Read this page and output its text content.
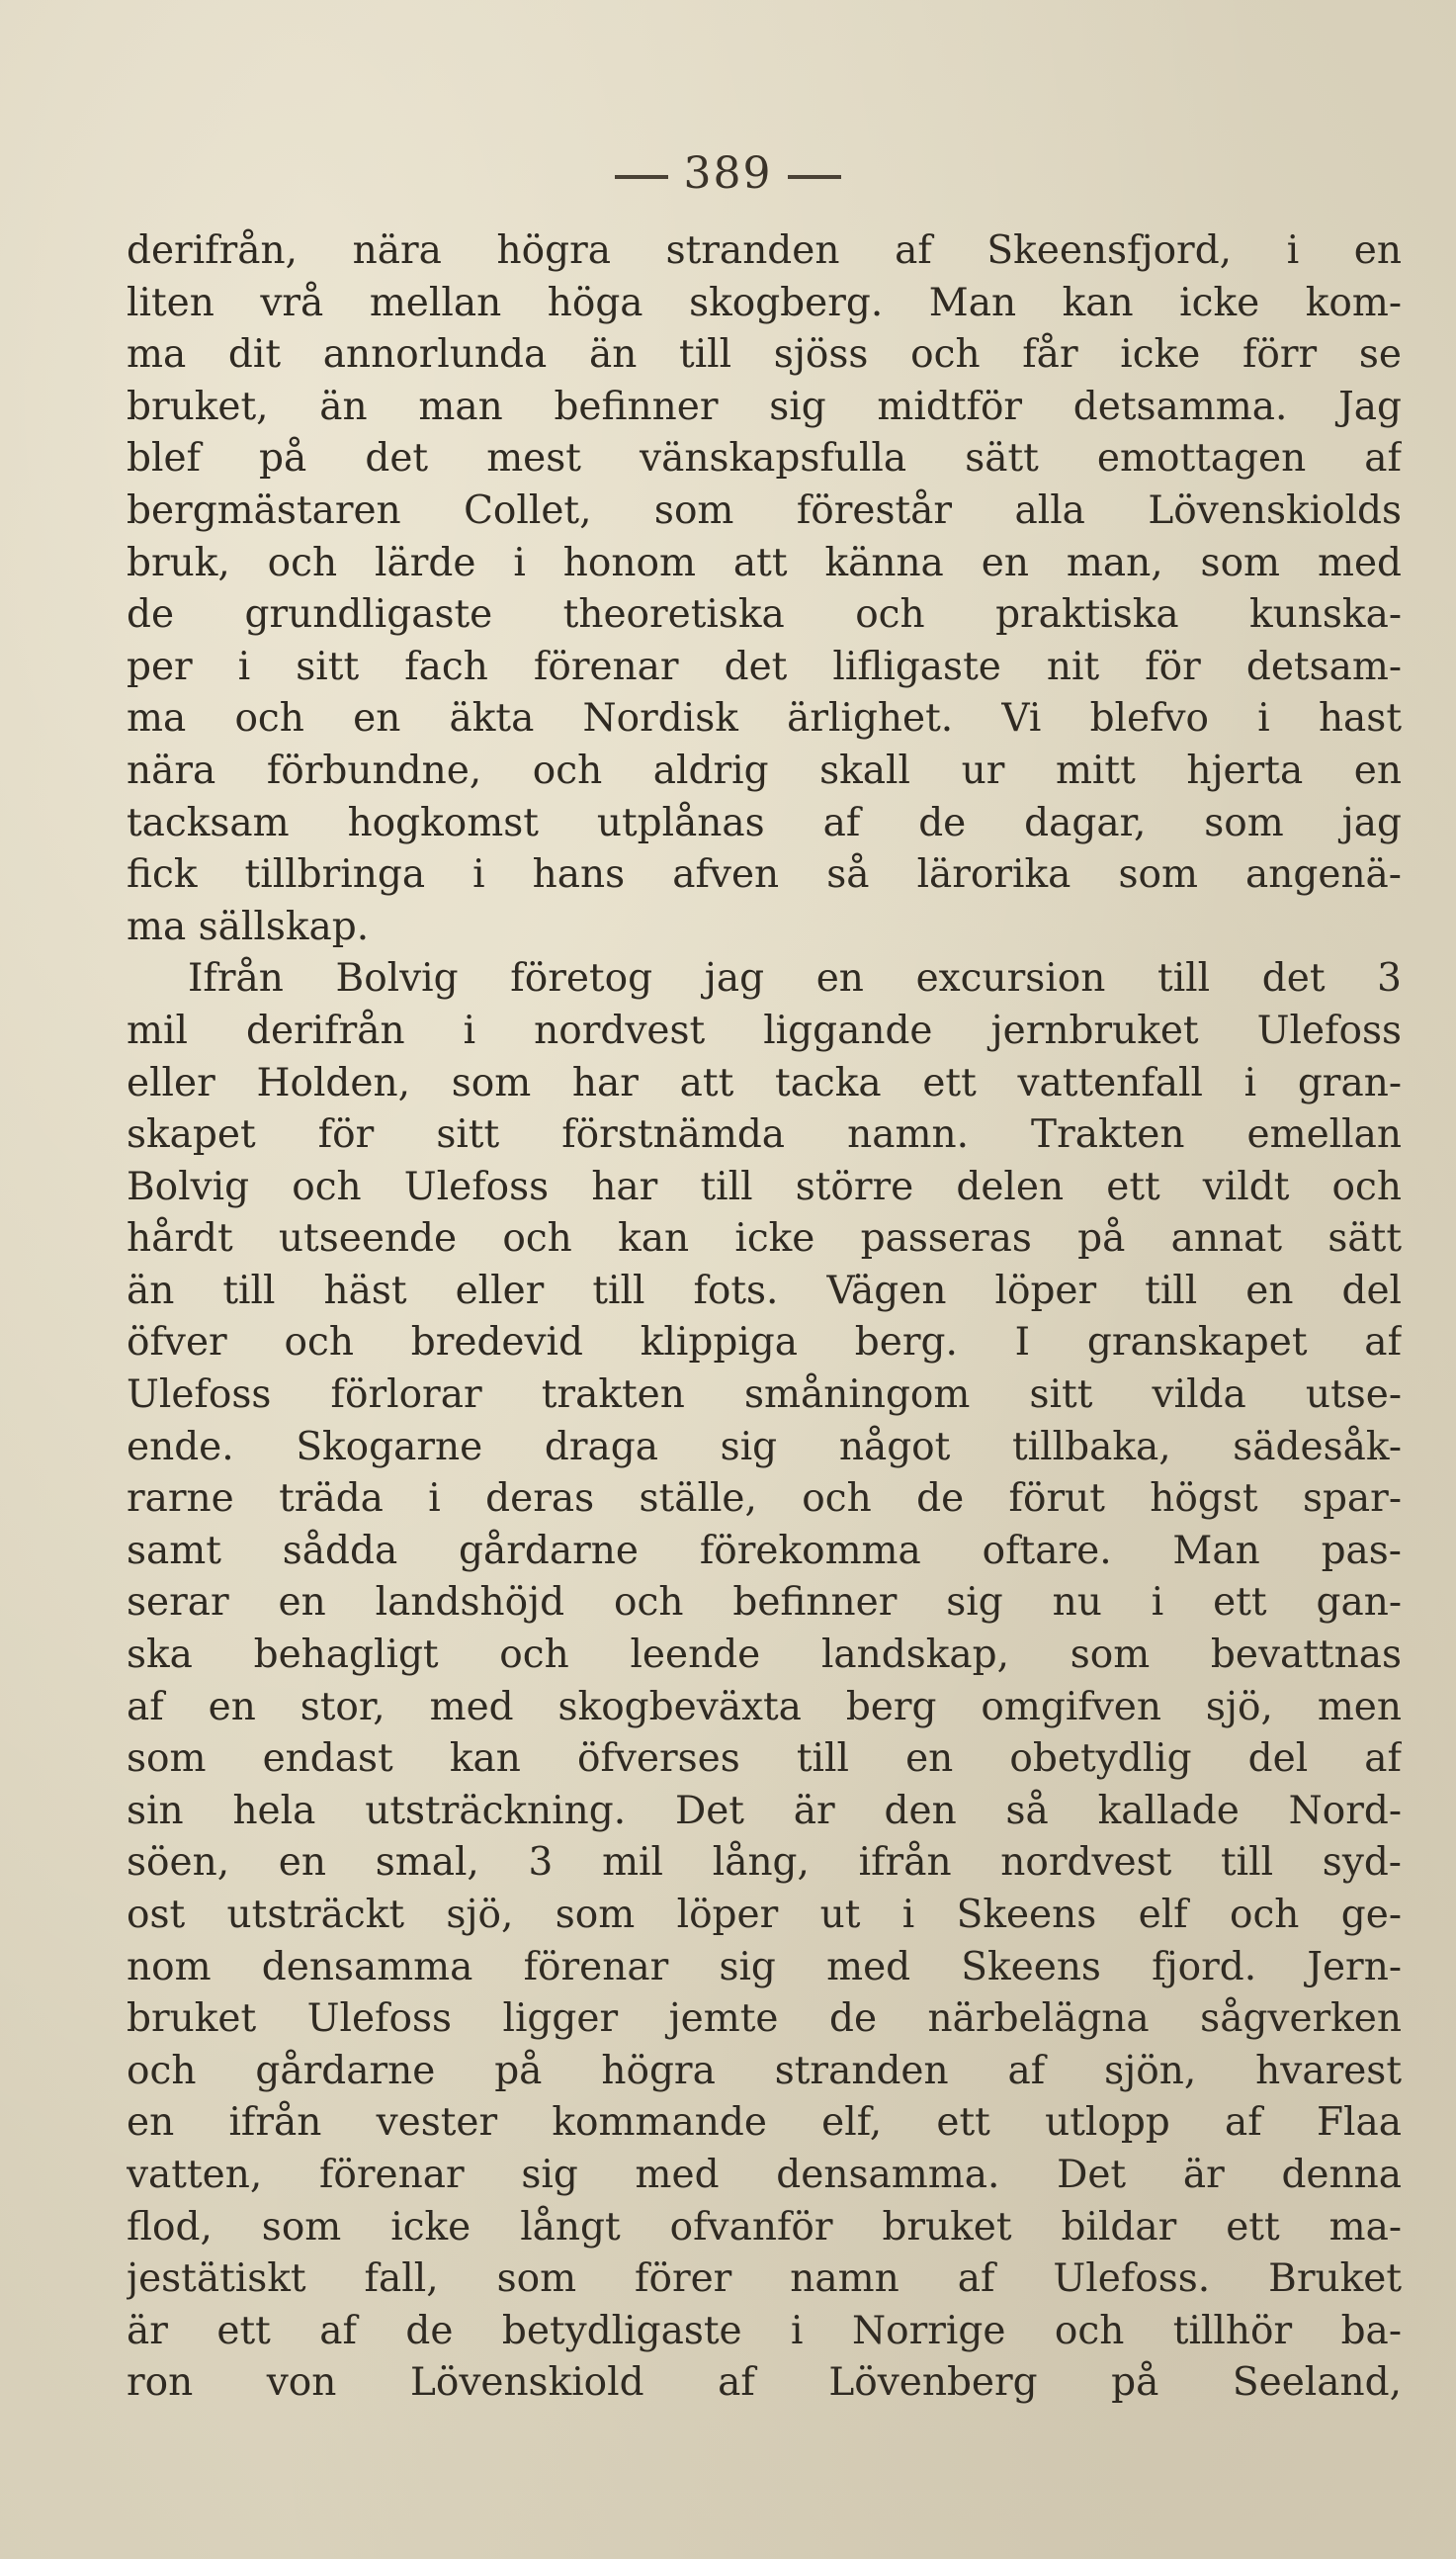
389
derifrån, nära högra stranden af Skeensfjord, i en
liten vrå mellan höga skogberg. Man kan icke kom-
ma dit annorlunda än till sjöss och får icke förr se
bruket, än man befinner sig midtför detsamma. Jag
blef på det mest vänskapsfulla sätt emottagen af
bergmästaren Collet, som förestår alla Lövenskiolds
bruk, och lärde i honom att känna en man, som med
de grundligaste theoretiska och praktiska kunska-
per i sitt fach förenar det lifligaste nit för detsam-
ma och en äkta Nordisk ärlighet. Vi blefvo i hast
nära förbundne, och aldrig skall ur mitt hjerta en
tacksam hogkomst utplånas af de dagar, som jag
fick tillbringa i hans afven så lärorika som angenä-
ma sällskap.
Ifrån Bolvig företog jag en excursion till det 3
mil derifrån i nordvest liggande jernbruket Ulefoss
eller Holden, som har att tacka ett vattenfall i gran-
skapet för sitt förstnämda namn. Trakten emellan
Bolvig och Ulefoss har till större delen ett vildt och
hårdt utseende och kan icke passeras på annat sätt
än till häst eller till fots. Vägen löper till en del
öfver och bredevid klippiga berg. I granskapet af
Ulefoss förlorar trakten småningom sitt vilda utse-
ende. Skogarne draga sig något tillbaka, sädesåk-
rarne träda i deras ställe, och de förut högst spar-
samt sådda gårdarne förekomma oftare. Man pas-
serar en landshöjd och befinner sig nu i ett gan-
ska behagligt och leende landskap, som bevattnas
af en stor, med skogbeväxta berg omgifven sjö, men
som endast kan öfverses till en obetydlig del af
sin hela utsträckning. Det är den så kallade Nord-
söen, en smal, 3 mil lång, ifrån nordvest till syd-
ost utsträckt sjö, som löper ut i Skeens elf och ge-
nom densamma förenar sig med Skeens fjord. Jern-
bruket Ulefoss ligger jemte de närbelägna sågverken
och gårdarne på högra stranden af sjön, hvarest
en ifrån vester kommande elf, ett utlopp af Flaa
vatten, förenar sig med densamma. Det är denna
flod, som icke långt ofvanför bruket bildar ett ma-
jestätiskt fall, som förer namn af Ulefoss. Bruket
är ett af de betydligaste i Norrige och tillhör ba-
ron von Lövenskiold af Lövenberg på Seeland,
